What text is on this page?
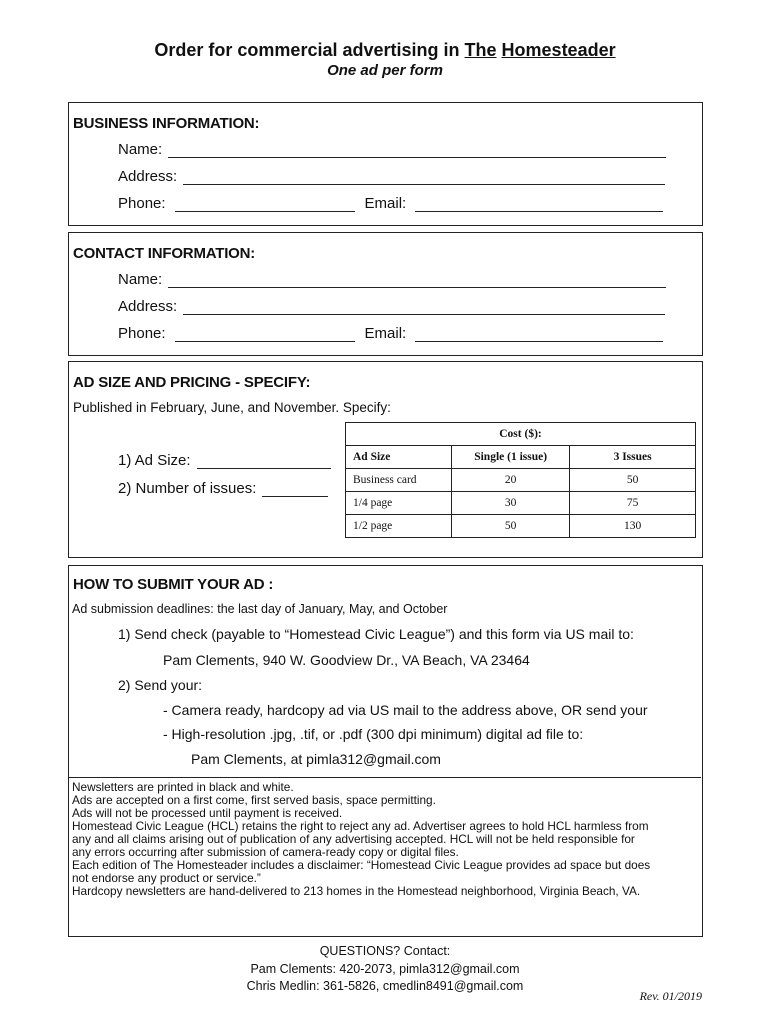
Order for commercial advertising in The Homesteader
One ad per form
BUSINESS INFORMATION:
Name:
Address:
Phone:	Email:
CONTACT INFORMATION:
Name:
Address:
Phone:	Email:
AD SIZE AND PRICING - SPECIFY:
Published in February, June, and November. Specify:
1) Ad Size:
2) Number of issues:
Cost ($):		
Ad Size	Single (1 issue)	3 Issues
Business card	20	50
1/4 page	30	75
1/2 page	50	130
HOW TO SUBMIT YOUR AD :
Ad submission deadlines: the last day of January, May, and October
1) Send check (payable to “Homestead Civic League”) and this form via US mail to:
Pam Clements, 940 W. Goodview Dr., VA Beach, VA 23464
2) Send your:
- Camera ready, hardcopy ad via US mail to the address above, OR send your
- High-resolution .jpg, .tif, or .pdf (300 dpi minimum) digital ad file to:
Pam Clements, at pimla312@gmail.com
Newsletters are printed in black and white.
Ads are accepted on a first come, first served basis, space permitting.
Ads will not be processed until payment is received.
Homestead Civic League (HCL) retains the right to reject any ad. Advertiser agrees to hold HCL harmless from
any and all claims arising out of publication of any advertising accepted. HCL will not be held responsible for
any errors occurring after submission of camera-ready copy or digital files.
Each edition of The Homesteader includes a disclaimer: “Homestead Civic League provides ad space but does
not endorse any product or service.”
Hardcopy newsletters are hand-delivered to 213 homes in the Homestead neighborhood, Virginia Beach, VA.
QUESTIONS? Contact:
Pam Clements: 420-2073, pimla312@gmail.com
Chris Medlin: 361-5826, cmedlin8491@gmail.com
Rev. 01/2019
